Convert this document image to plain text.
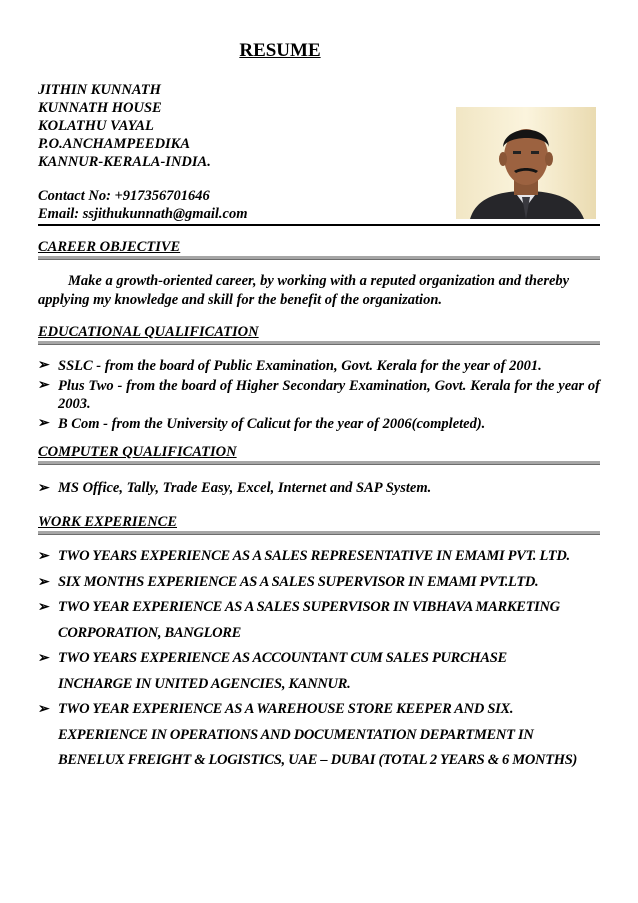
RESUME
JITHIN KUNNATH
KUNNATH HOUSE
KOLATHU VAYAL
P.O.ANCHAMPEEDIKA
KANNUR-KERALA-INDIA.
Contact No: +917356701646
Email: ssjithukunnath@gmail.com
CAREER OBJECTIVE
Make a growth-oriented career, by working with a reputed organization and thereby
applying my knowledge and skill for the benefit of the organization.
EDUCATIONAL QUALIFICATION
➢ SSLC - from the board of Public Examination, Govt. Kerala for the year of 2001.
➢ Plus Two - from the board of Higher Secondary Examination, Govt. Kerala for the year of 2003.
➢ B Com - from the University of Calicut for the year of 2006(completed).
COMPUTER QUALIFICATION
➢ MS Office, Tally, Trade Easy, Excel, Internet and SAP System.
WORK EXPERIENCE
➢ TWO YEARS EXPERIENCE AS A SALES REPRESENTATIVE IN EMAMI PVT. LTD.
➢ SIX MONTHS EXPERIENCE AS A SALES SUPERVISOR IN EMAMI PVT.LTD.
➢ TWO YEAR EXPERIENCE AS A SALES SUPERVISOR IN VIBHAVA MARKETING CORPORATION, BANGLORE
➢ TWO YEARS EXPERIENCE AS ACCOUNTANT CUM SALES PURCHASE INCHARGE IN UNITED AGENCIES, KANNUR.
➢ TWO YEAR EXPERIENCE AS A WAREHOUSE STORE KEEPER AND SIX. EXPERIENCE IN OPERATIONS AND DOCUMENTATION DEPARTMENT IN BENELUX FREIGHT & LOGISTICS, UAE – DUBAI (TOTAL 2 YEARS & 6 MONTHS)
